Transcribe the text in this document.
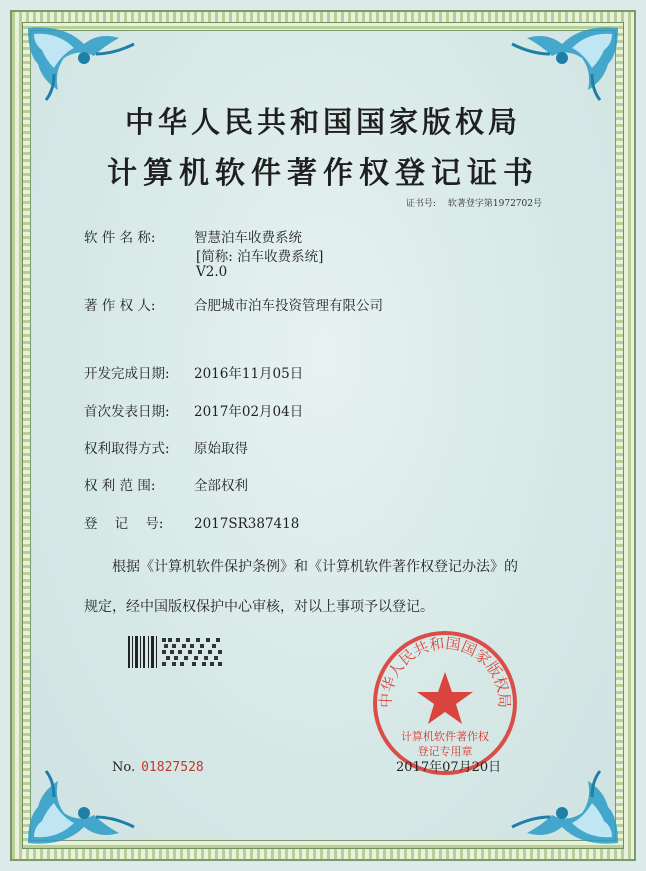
中华人民共和国国家版权局
计算机软件著作权登记证书
证书号: 软著登字第1972702号
软 件 名 称:	智慧泊车收费系统
[简称: 泊车收费系统]
V2.0
著 作 权 人:	合肥城市泊车投资管理有限公司
开发完成日期: 2016年11月05日
首次发表日期: 2017年02月04日
权利取得方式: 原始取得
权 利 范 围:	全部权利
登    记    号: 2017SR387418
根据《计算机软件保护条例》和《计算机软件著作权登记办法》的
规定，经中国版权保护中心审核，对以上事项予以登记。
No. 01827528
中华人民共和国国家版权局
计算机软件著作权
登记专用章
2017年07月20日
